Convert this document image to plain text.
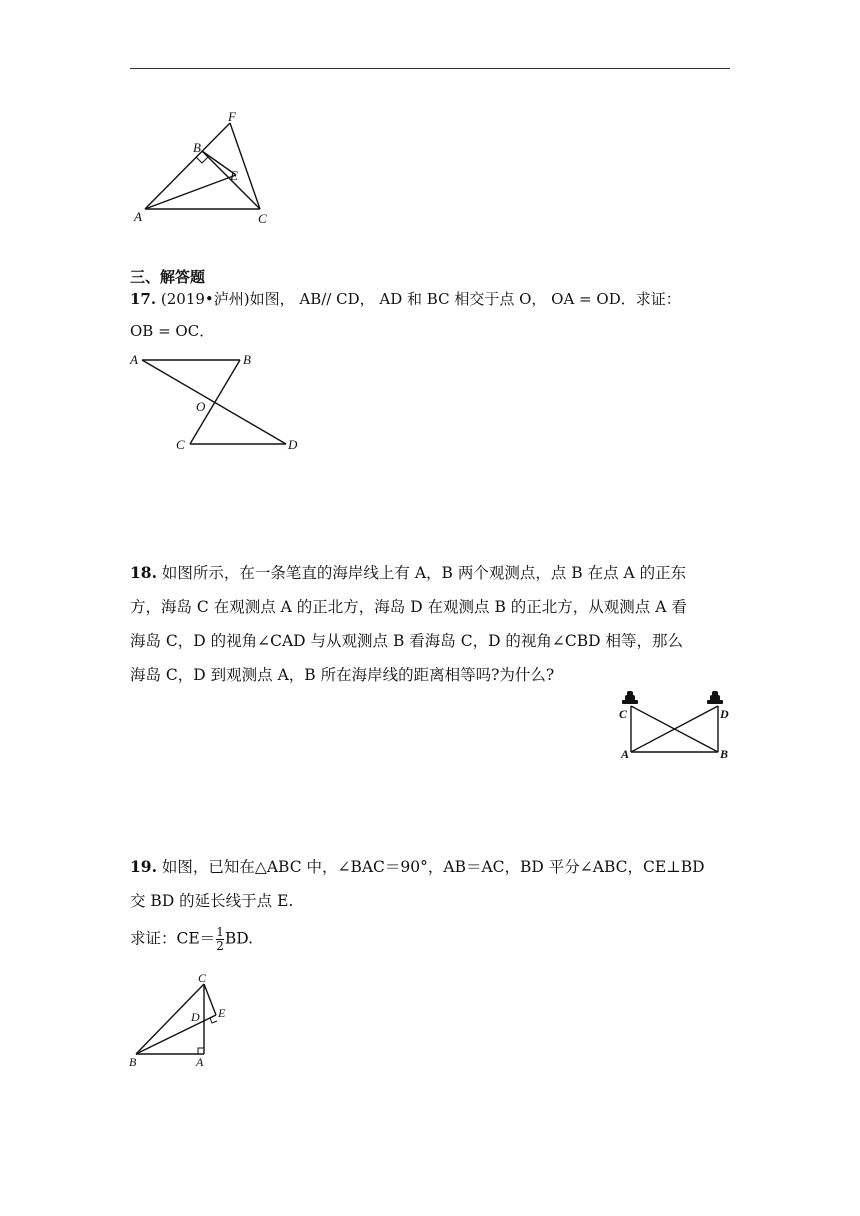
A	C
B
F
E
三、解答题
17. (2019•泸州)如图， AB// CD， AD 和 BC 相交于点 O， OA = OD．求证：
OB = OC．
A	B
O
C	D
18. 如图所示，在一条笔直的海岸线上有 A，B 两个观测点，点 B 在点 A 的正东
方，海岛 C 在观测点 A 的正北方，海岛 D 在观测点 B 的正北方，从观测点 A 看
海岛 C，D 的视角∠CAD 与从观测点 B 看海岛 C，D 的视角∠CBD 相等，那么
海岛 C，D 到观测点 A，B 所在海岸线的距离相等吗?为什么?
C	D
A	B
19. 如图，已知在△ABC 中，∠BAC＝90°，AB＝AC，BD 平分∠ABC，CE⊥BD
交 BD 的延长线于点 E.
求证：$CE= \frac{1}{2}$ BD.
C
E
D
B	A
